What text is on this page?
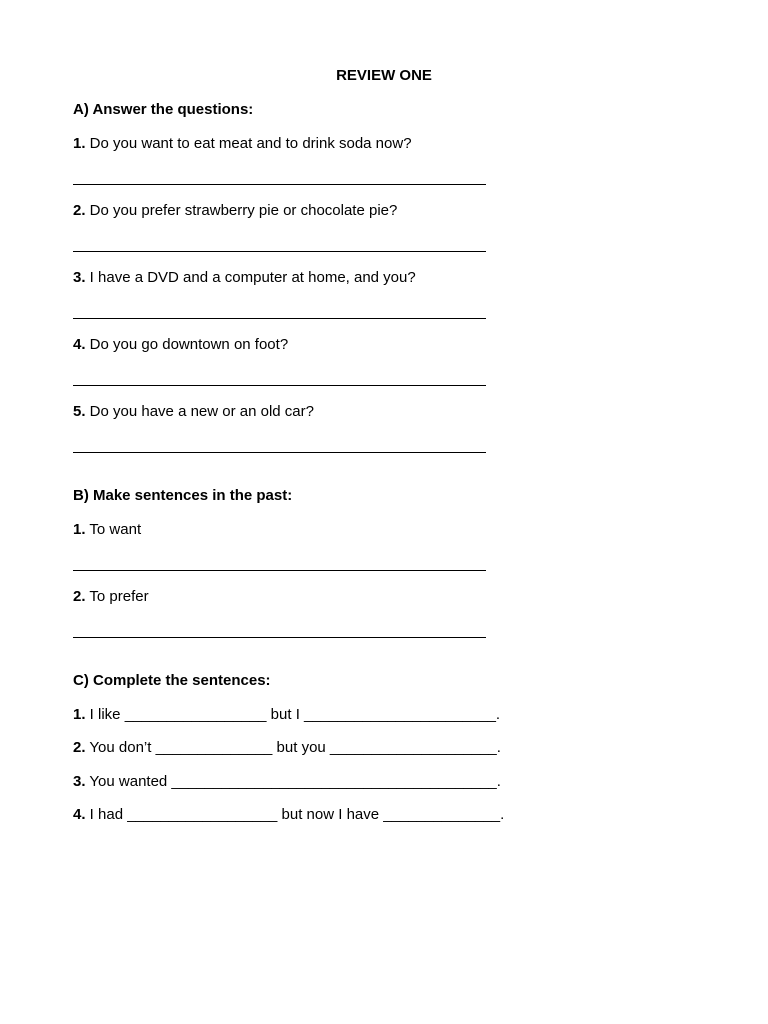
REVIEW ONE
A) Answer the questions:
1. Do you want to eat meat and to drink soda now?
2. Do you prefer strawberry pie or chocolate pie?
3. I have a DVD and a computer at home, and you?
4. Do you go downtown on foot?
5. Do you have a new or an old car?
B) Make sentences in the past:
1. To want
2. To prefer
C) Complete the sentences:
1. I like _________________ but I _______________________.
2. You don’t ______________ but you ____________________.
3. You wanted _______________________________________.
4. I had __________________ but now I have ______________.
